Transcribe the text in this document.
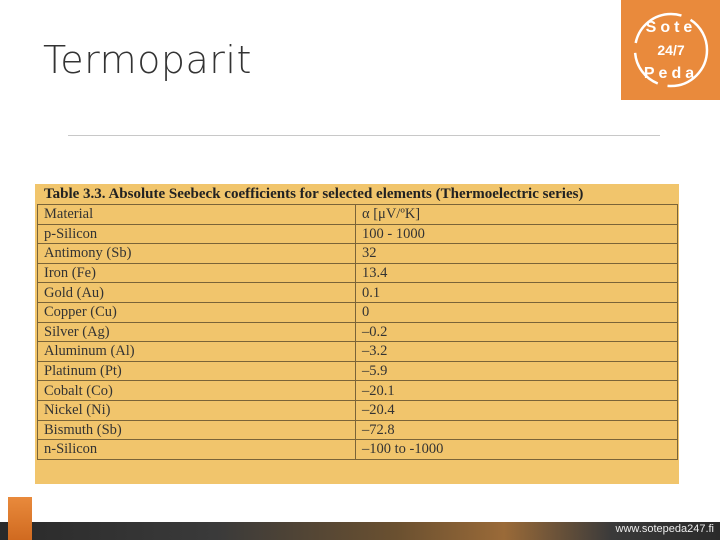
Termoparit
Sote
24/7
Peda
Table 3.3. Absolute Seebeck coefficients for selected elements (Thermoelectric series)
Material	α [μV/ºK]
p-Silicon	100 - 1000
Antimony (Sb)	32
Iron (Fe)	13.4
Gold (Au)	0.1
Copper (Cu)	0
Silver (Ag)	–0.2
Aluminum (Al)	–3.2
Platinum (Pt)	–5.9
Cobalt (Co)	–20.1
Nickel (Ni)	–20.4
Bismuth (Sb)	–72.8
n-Silicon	–100 to -1000
www.sotepeda247.fi
